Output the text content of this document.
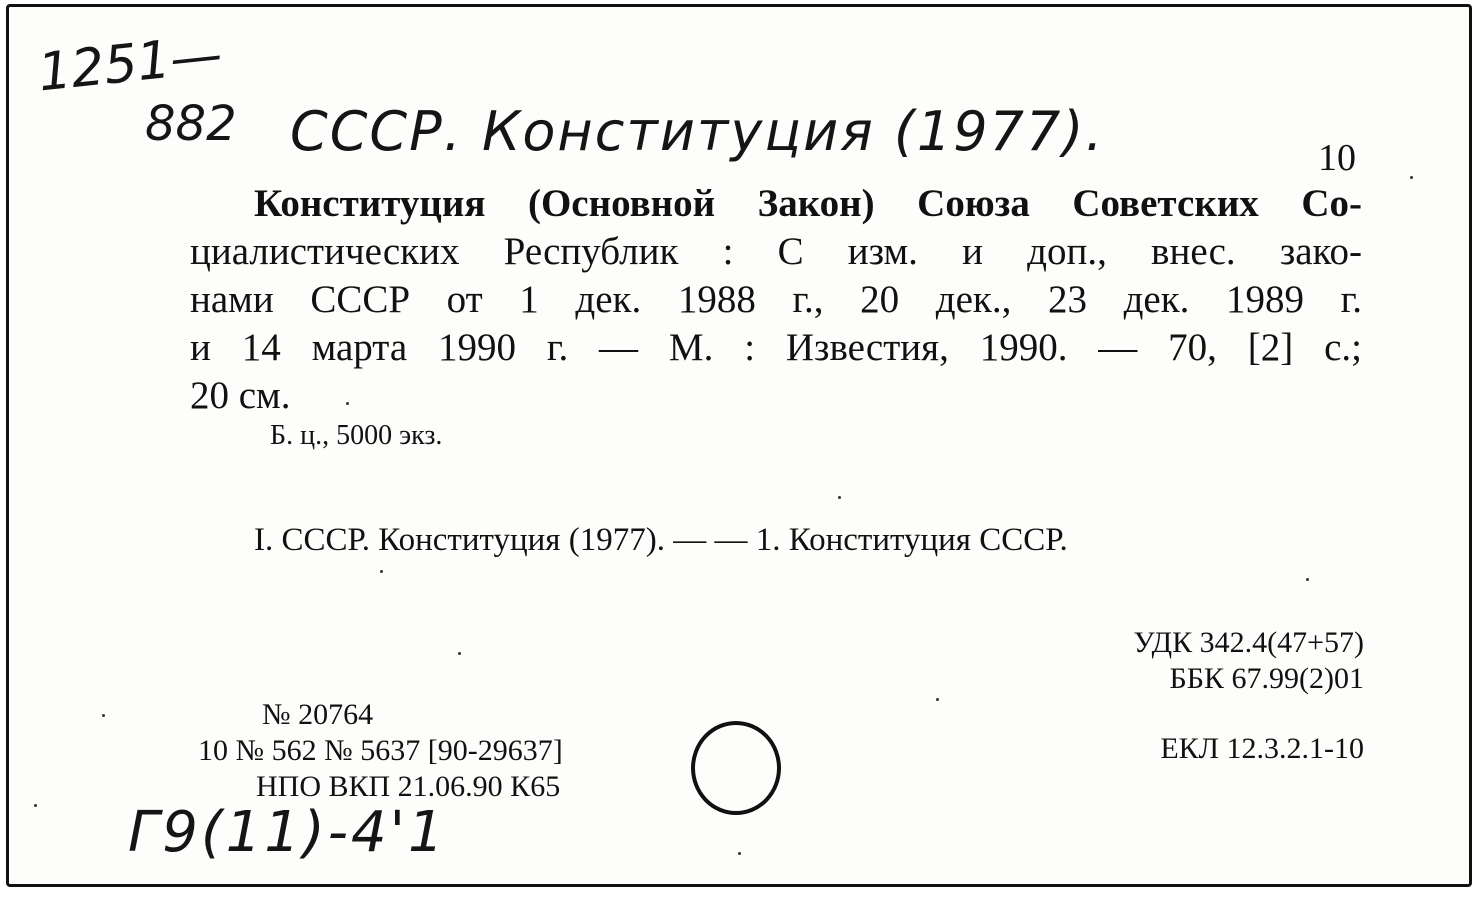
1251—
882 СССР. Конституция (1977).
Г9(11)-4'1
10
Конституция (Основной Закон) Союза Советских Со-
циалистических Республик : С изм. и доп., внес. зако-
нами СССР от 1 дек. 1988 г., 20 дек., 23 дек. 1989 г.
и 14 марта 1990 г. — М. : Известия, 1990. — 70, [2] с.;
20 см.
Б. ц., 5000 экз.
I. СССР. Конституция (1977). — — 1. Конституция СССР.
УДК 342.4(47+57)
ББК 67.99(2)01
ЕКЛ 12.3.2.1-10
№ 20764
10 № 562 № 5637 [90-29637]
НПО ВКП 21.06.90 К65
